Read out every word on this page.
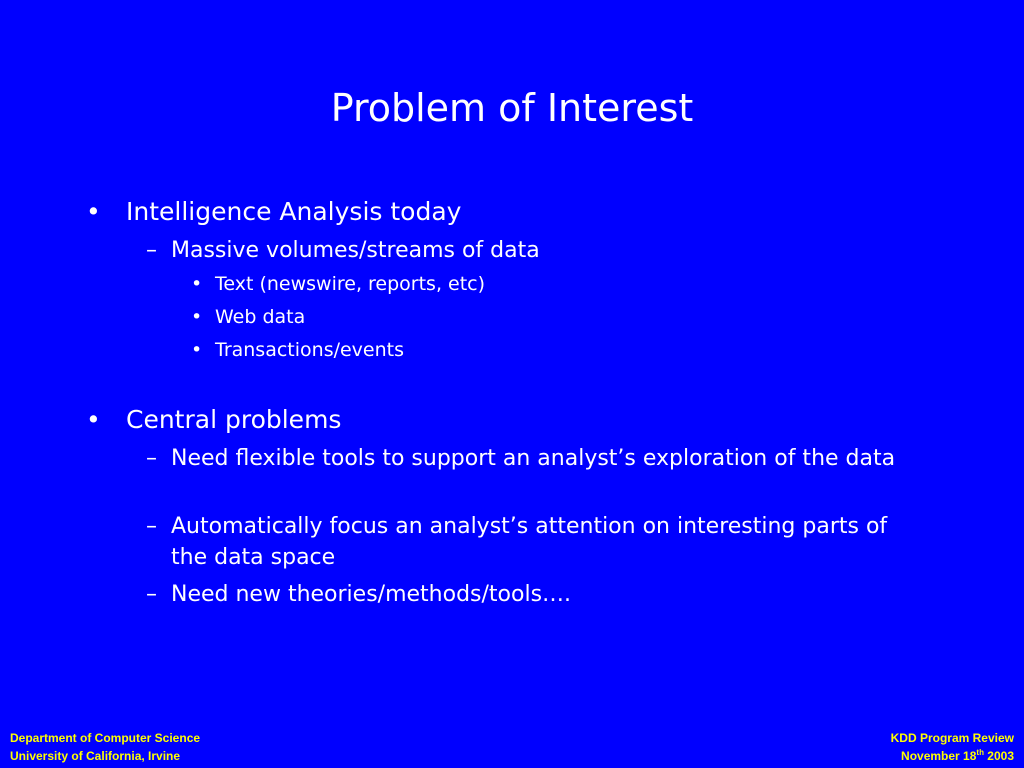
Problem of Interest
• Intelligence Analysis today
– Massive volumes/streams of data
• Text (newswire, reports, etc)
• Web data
• Transactions/events
• Central problems
– Need flexible tools to support an analyst’s exploration of the data
– Automatically focus an analyst’s attention on interesting parts of the data space
– Need new theories/methods/tools….
Department of Computer Science
University of California, Irvine
KDD Program Review
November 18th 2003
